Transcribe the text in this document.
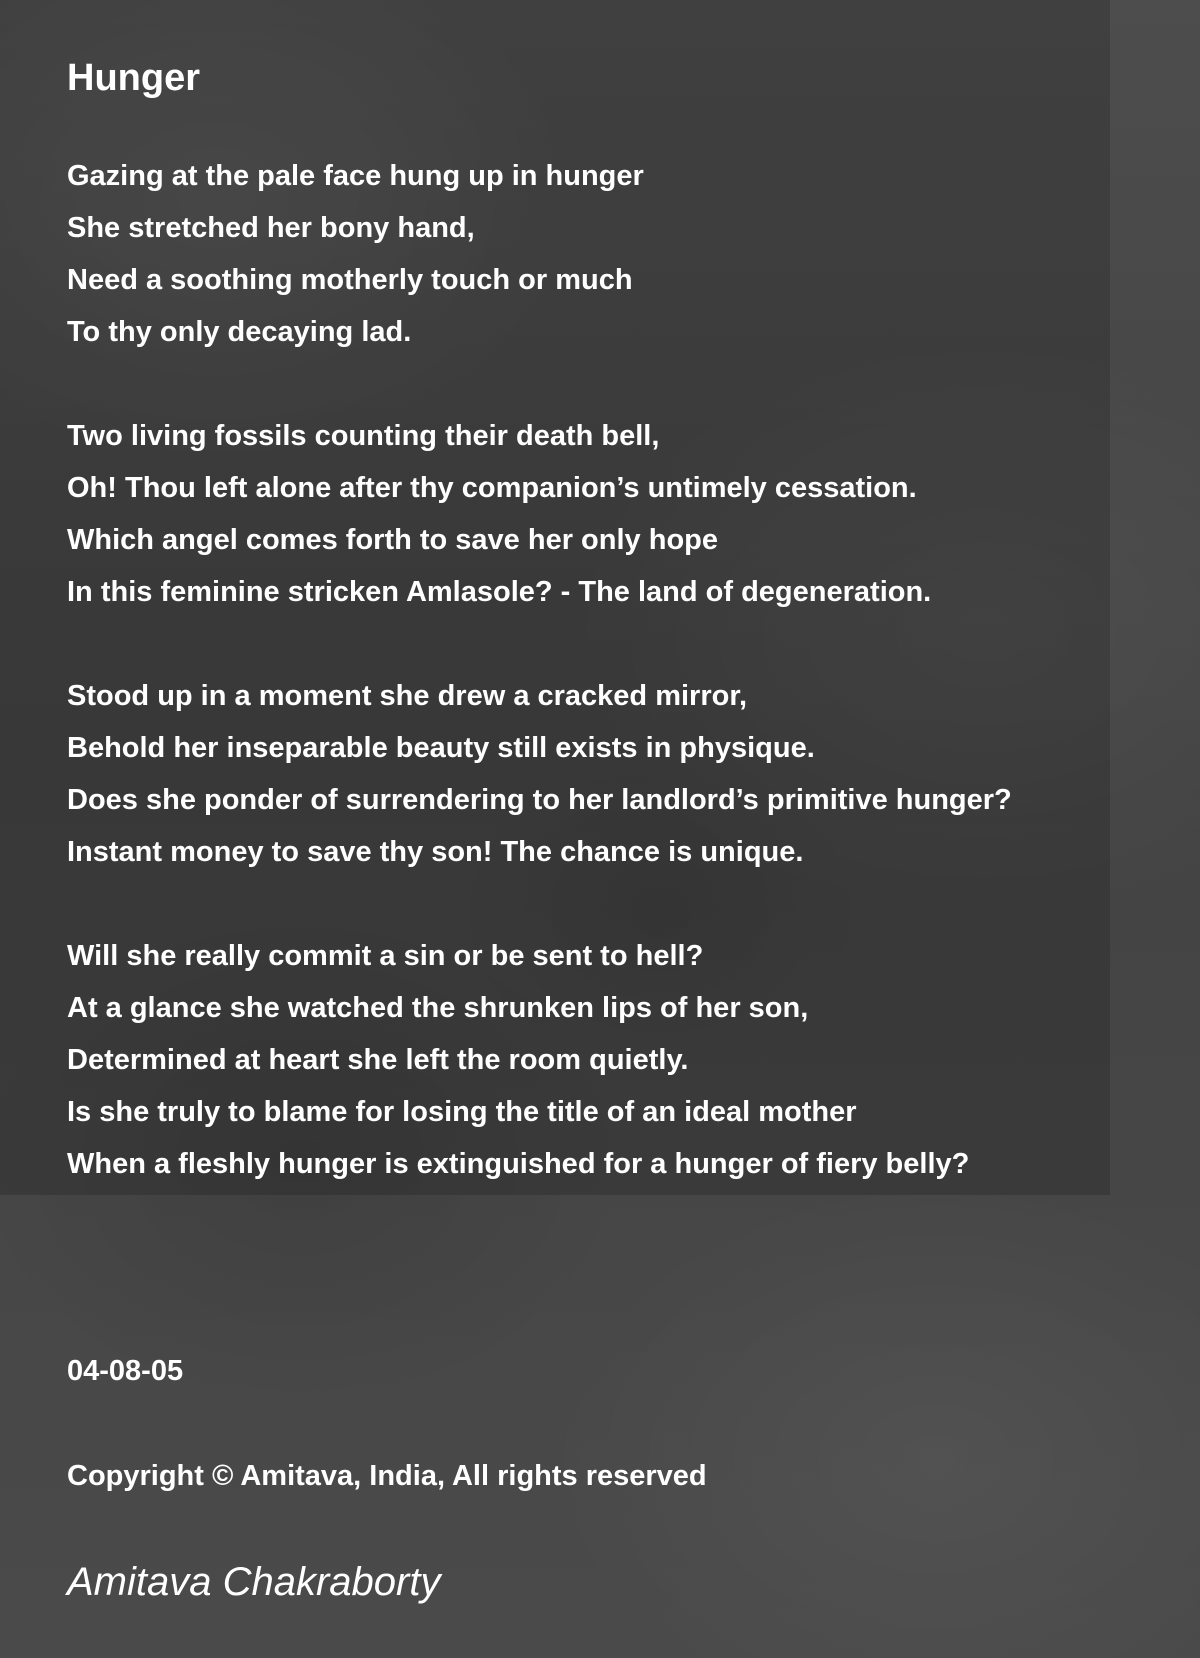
Hunger
Gazing at the pale face hung up in hunger
She stretched her bony hand,
Need a soothing motherly touch or much
To thy only decaying lad.
Two living fossils counting their death bell,
Oh! Thou left alone after thy companion’s untimely cessation.
Which angel comes forth to save her only hope
In this feminine stricken Amlasole? - The land of degeneration.
Stood up in a moment she drew a cracked mirror,
Behold her inseparable beauty still exists in physique.
Does she ponder of surrendering to her landlord’s primitive hunger?
Instant money to save thy son! The chance is unique.
Will she really commit a sin or be sent to hell?
At a glance she watched the shrunken lips of her son,
Determined at heart she left the room quietly.
Is she truly to blame for losing the title of an ideal mother
When a fleshly hunger is extinguished for a hunger of fiery belly?
04-08-05
Copyright © Amitava, India, All rights reserved
Amitava Chakraborty
